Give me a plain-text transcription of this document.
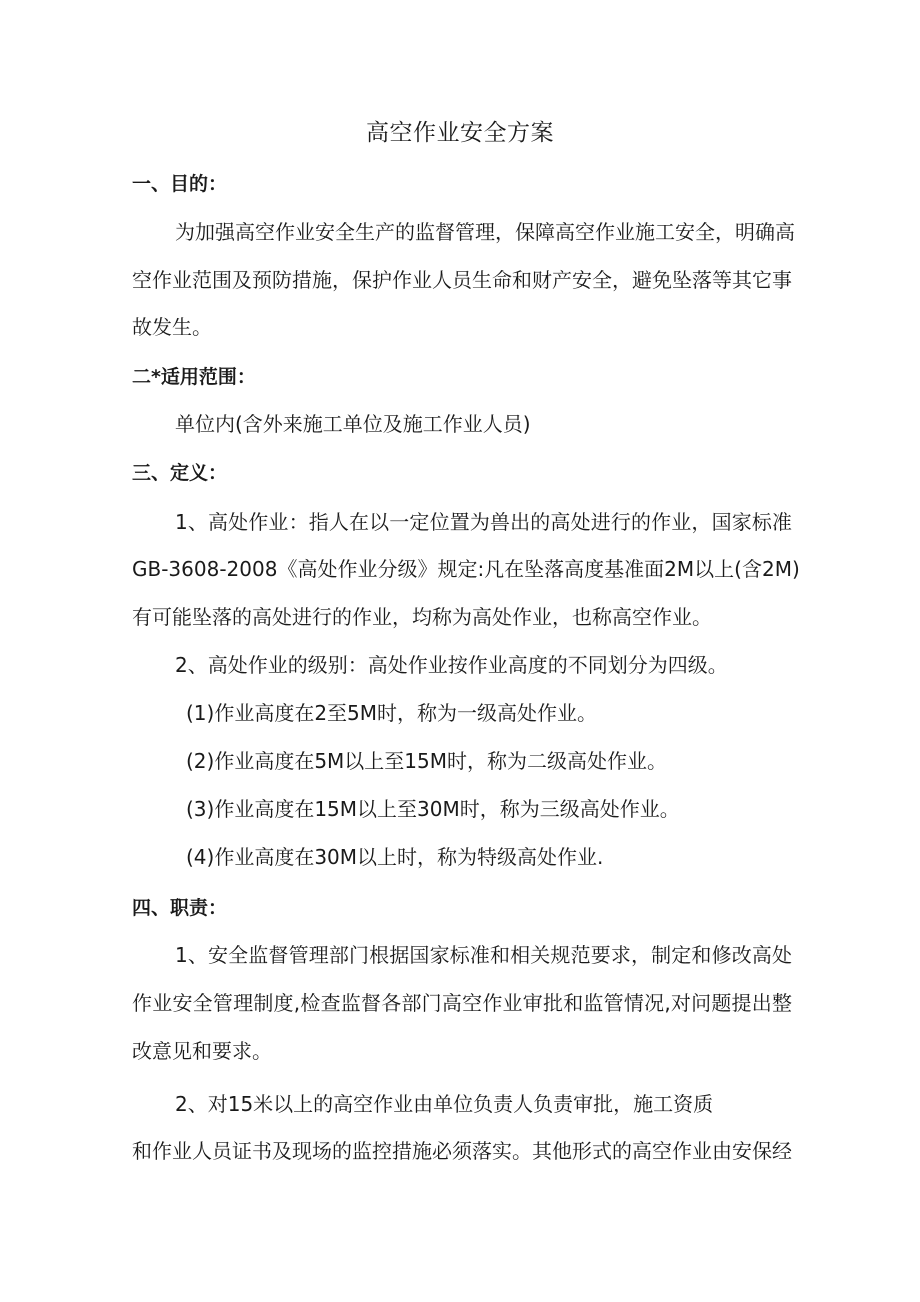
高空作业安全方案
一、目的：
为加强高空作业安全生产的监督管理，保障高空作业施工安全，明确高
空作业范围及预防措施，保护作业人员生命和财产安全，避免坠落等其它事
故发生。
二*适用范围：
单位内(含外来施工单位及施工作业人员)
三、定义：
1、高处作业：指人在以一定位置为兽出的高处进行的作业，国家标准
GB-3608-2008《高处作业分级》规定:凡在坠落高度基准面2M以上(含2M)
有可能坠落的高处进行的作业，均称为高处作业，也称高空作业。
2、高处作业的级别：高处作业按作业高度的不同划分为四级。
(1)作业高度在2至5M时，称为一级高处作业。
(2)作业高度在5M以上至15M时，称为二级高处作业。
(3)作业高度在15M以上至30M时，称为三级高处作业。
(4)作业高度在30M以上时，称为特级高处作业.
四、职责：
1、安全监督管理部门根据国家标准和相关规范要求，制定和修改高处
作业安全管理制度,检查监督各部门高空作业审批和监管情况,对问题提出整
改意见和要求。
2、对15米以上的高空作业由单位负责人负责审批，施工资质
和作业人员证书及现场的监控措施必须落实。其他形式的高空作业由安保经
